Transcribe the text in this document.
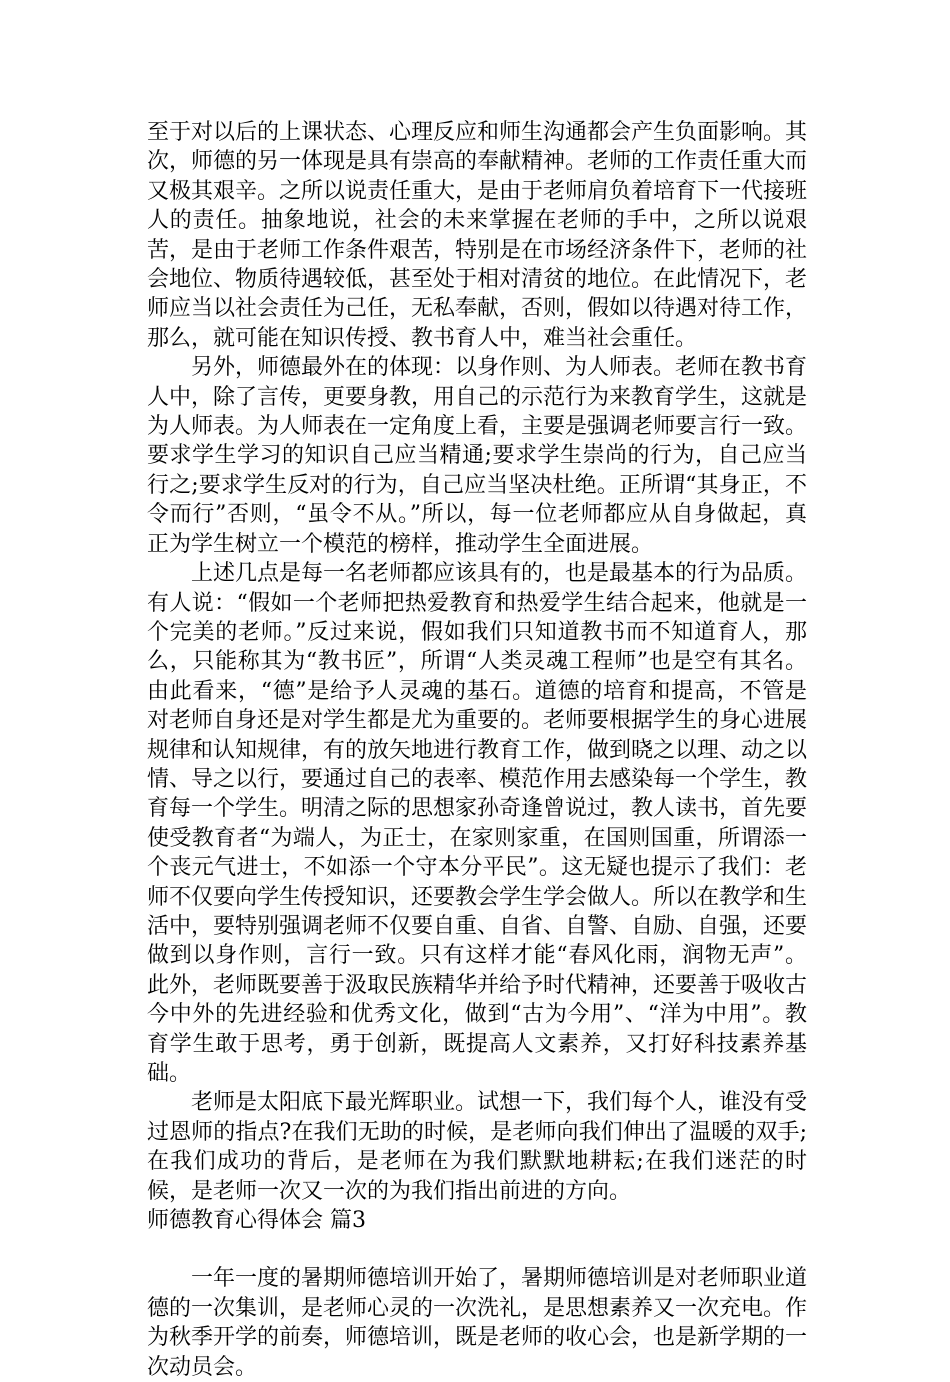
至于对以后的上课状态、心理反应和师生沟通都会产生负面影响。其次，师德的另一体现是具有崇高的奉献精神。老师的工作责任重大而又极其艰辛。之所以说责任重大，是由于老师肩负着培育下一代接班人的责任。抽象地说，社会的未来掌握在老师的手中，之所以说艰苦，是由于老师工作条件艰苦，特别是在市场经济条件下，老师的社会地位、物质待遇较低，甚至处于相对清贫的地位。在此情况下，老师应当以社会责任为己任，无私奉献，否则，假如以待遇对待工作，那么，就可能在知识传授、教书育人中，难当社会重任。

另外，师德最外在的体现：以身作则、为人师表。老师在教书育人中，除了言传，更要身教，用自己的示范行为来教育学生，这就是为人师表。为人师表在一定角度上看，主要是强调老师要言行一致。要求学生学习的知识自己应当精通;要求学生崇尚的行为，自己应当行之;要求学生反对的行为，自己应当坚决杜绝。正所谓“其身正，不令而行”否则，“虽令不从。”所以，每一位老师都应从自身做起，真正为学生树立一个模范的榜样，推动学生全面进展。

上述几点是每一名老师都应该具有的，也是最基本的行为品质。有人说：“假如一个老师把热爱教育和热爱学生结合起来，他就是一个完美的老师。”反过来说，假如我们只知道教书而不知道育人，那么，只能称其为“教书匠”，所谓“人类灵魂工程师”也是空有其名。由此看来，“德”是给予人灵魂的基石。道德的培育和提高，不管是对老师自身还是对学生都是尤为重要的。老师要根据学生的身心进展规律和认知规律，有的放矢地进行教育工作，做到晓之以理、动之以情、导之以行，要通过自己的表率、模范作用去感染每一个学生，教育每一个学生。明清之际的思想家孙奇逢曾说过，教人读书，首先要使受教育者“为端人，为正士，在家则家重，在国则国重，所谓添一个丧元气进士，不如添一个守本分平民”。这无疑也提示了我们：老师不仅要向学生传授知识，还要教会学生学会做人。所以在教学和生活中，要特别强调老师不仅要自重、自省、自警、自励、自强，还要做到以身作则，言行一致。只有这样才能“春风化雨，润物无声”。此外，老师既要善于汲取民族精华并给予时代精神，还要善于吸收古今中外的先进经验和优秀文化，做到“古为今用”、“洋为中用”。教育学生敢于思考，勇于创新，既提高人文素养，又打好科技素养基础。

老师是太阳底下最光辉职业。试想一下，我们每个人，谁没有受过恩师的指点?在我们无助的时候，是老师向我们伸出了温暖的双手;在我们成功的背后，是老师在为我们默默地耕耘;在我们迷茫的时候，是老师一次又一次的为我们指出前进的方向。

师德教育心得体会 篇3

一年一度的暑期师德培训开始了，暑期师德培训是对老师职业道德的一次集训，是老师心灵的一次洗礼，是思想素养又一次充电。作为秋季开学的前奏，师德培训，既是老师的收心会，也是新学期的一次动员会。
